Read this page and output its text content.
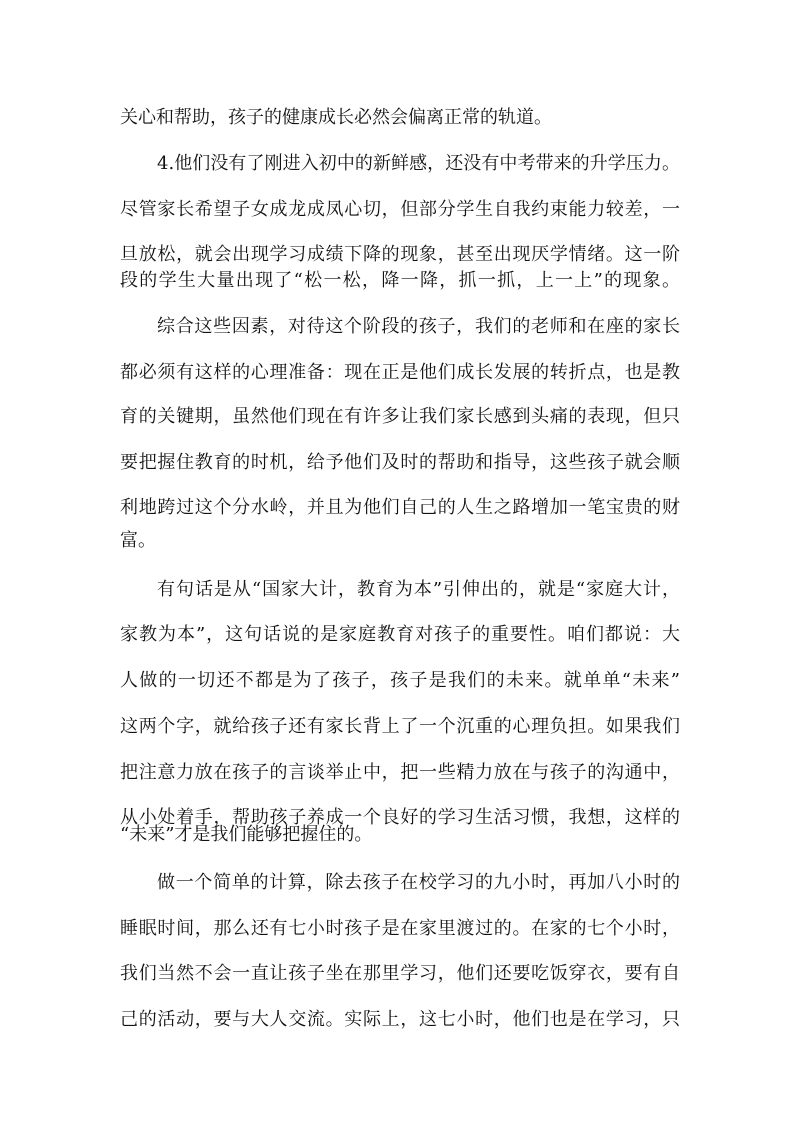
关心和帮助，孩子的健康成长必然会偏离正常的轨道。
4.他们没有了刚进入初中的新鲜感，还没有中考带来的升学压力。
尽管家长希望子女成龙成凤心切，但部分学生自我约束能力较差，一
旦放松，就会出现学习成绩下降的现象，甚至出现厌学情绪。这一阶
段的学生大量出现了“松一松，降一降，抓一抓，上一上”的现象。
综合这些因素，对待这个阶段的孩子，我们的老师和在座的家长
都必须有这样的心理准备：现在正是他们成长发展的转折点，也是教
育的关键期，虽然他们现在有许多让我们家长感到头痛的表现，但只
要把握住教育的时机，给予他们及时的帮助和指导，这些孩子就会顺
利地跨过这个分水岭，并且为他们自己的人生之路增加一笔宝贵的财
富。
有句话是从“国家大计，教育为本”引伸出的，就是“家庭大计，
家教为本”，这句话说的是家庭教育对孩子的重要性。咱们都说：大
人做的一切还不都是为了孩子，孩子是我们的未来。就单单“未来”
这两个字，就给孩子还有家长背上了一个沉重的心理负担。如果我们
把注意力放在孩子的言谈举止中，把一些精力放在与孩子的沟通中，
从小处着手，帮助孩子养成一个良好的学习生活习惯，我想，这样的
“未来”才是我们能够把握住的。
做一个简单的计算，除去孩子在校学习的九小时，再加八小时的
睡眠时间，那么还有七小时孩子是在家里渡过的。在家的七个小时，
我们当然不会一直让孩子坐在那里学习，他们还要吃饭穿衣，要有自
己的活动，要与大人交流。实际上，这七小时，他们也是在学习，只
